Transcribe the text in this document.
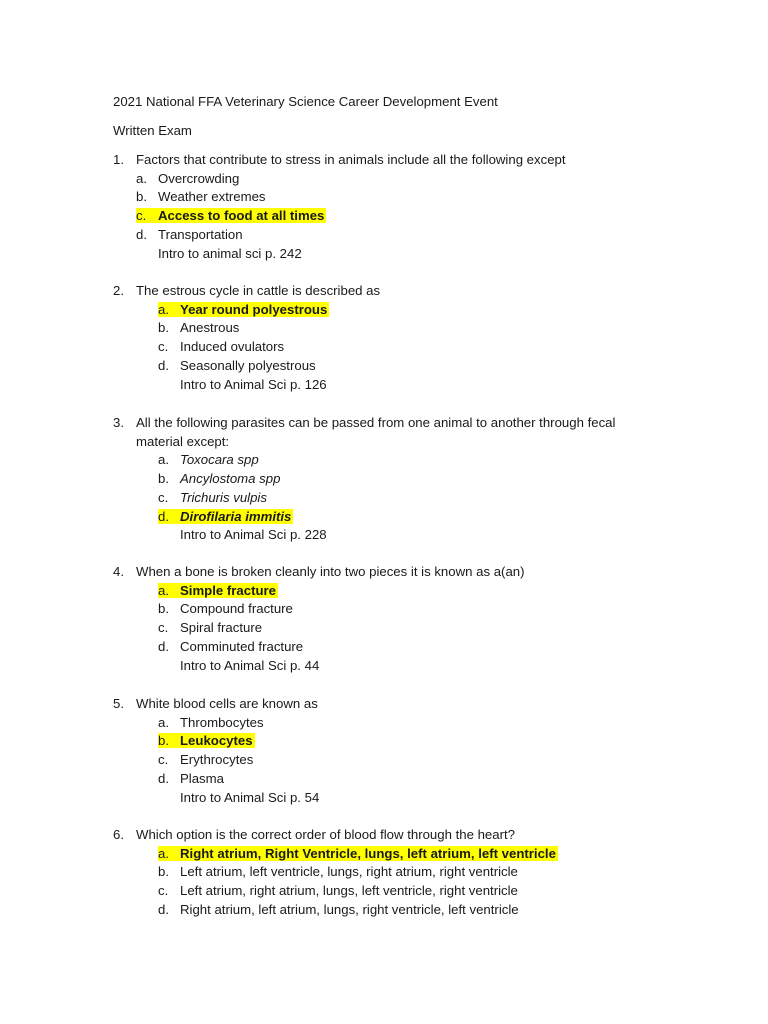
2021 National FFA Veterinary Science Career Development Event
Written Exam
1. Factors that contribute to stress in animals include all the following except
a. Overcrowding
b. Weather extremes
c. Access to food at all times
d. Transportation
Intro to animal sci p. 242
2. The estrous cycle in cattle is described as
a. Year round polyestrous
b. Anestrous
c. Induced ovulators
d. Seasonally polyestrous
Intro to Animal Sci p. 126
3. All the following parasites can be passed from one animal to another through fecal material except:
a. Toxocara spp
b. Ancylostoma spp
c. Trichuris vulpis
d. Dirofilaria immitis
Intro to Animal Sci p. 228
4. When a bone is broken cleanly into two pieces it is known as a(an)
a. Simple fracture
b. Compound fracture
c. Spiral fracture
d. Comminuted fracture
Intro to Animal Sci p. 44
5. White blood cells are known as
a. Thrombocytes
b. Leukocytes
c. Erythrocytes
d. Plasma
Intro to Animal Sci p. 54
6. Which option is the correct order of blood flow through the heart?
a. Right atrium, Right Ventricle, lungs, left atrium, left ventricle
b. Left atrium, left ventricle, lungs, right atrium, right ventricle
c. Left atrium, right atrium, lungs, left ventricle, right ventricle
d. Right atrium, left atrium, lungs, right ventricle, left ventricle
